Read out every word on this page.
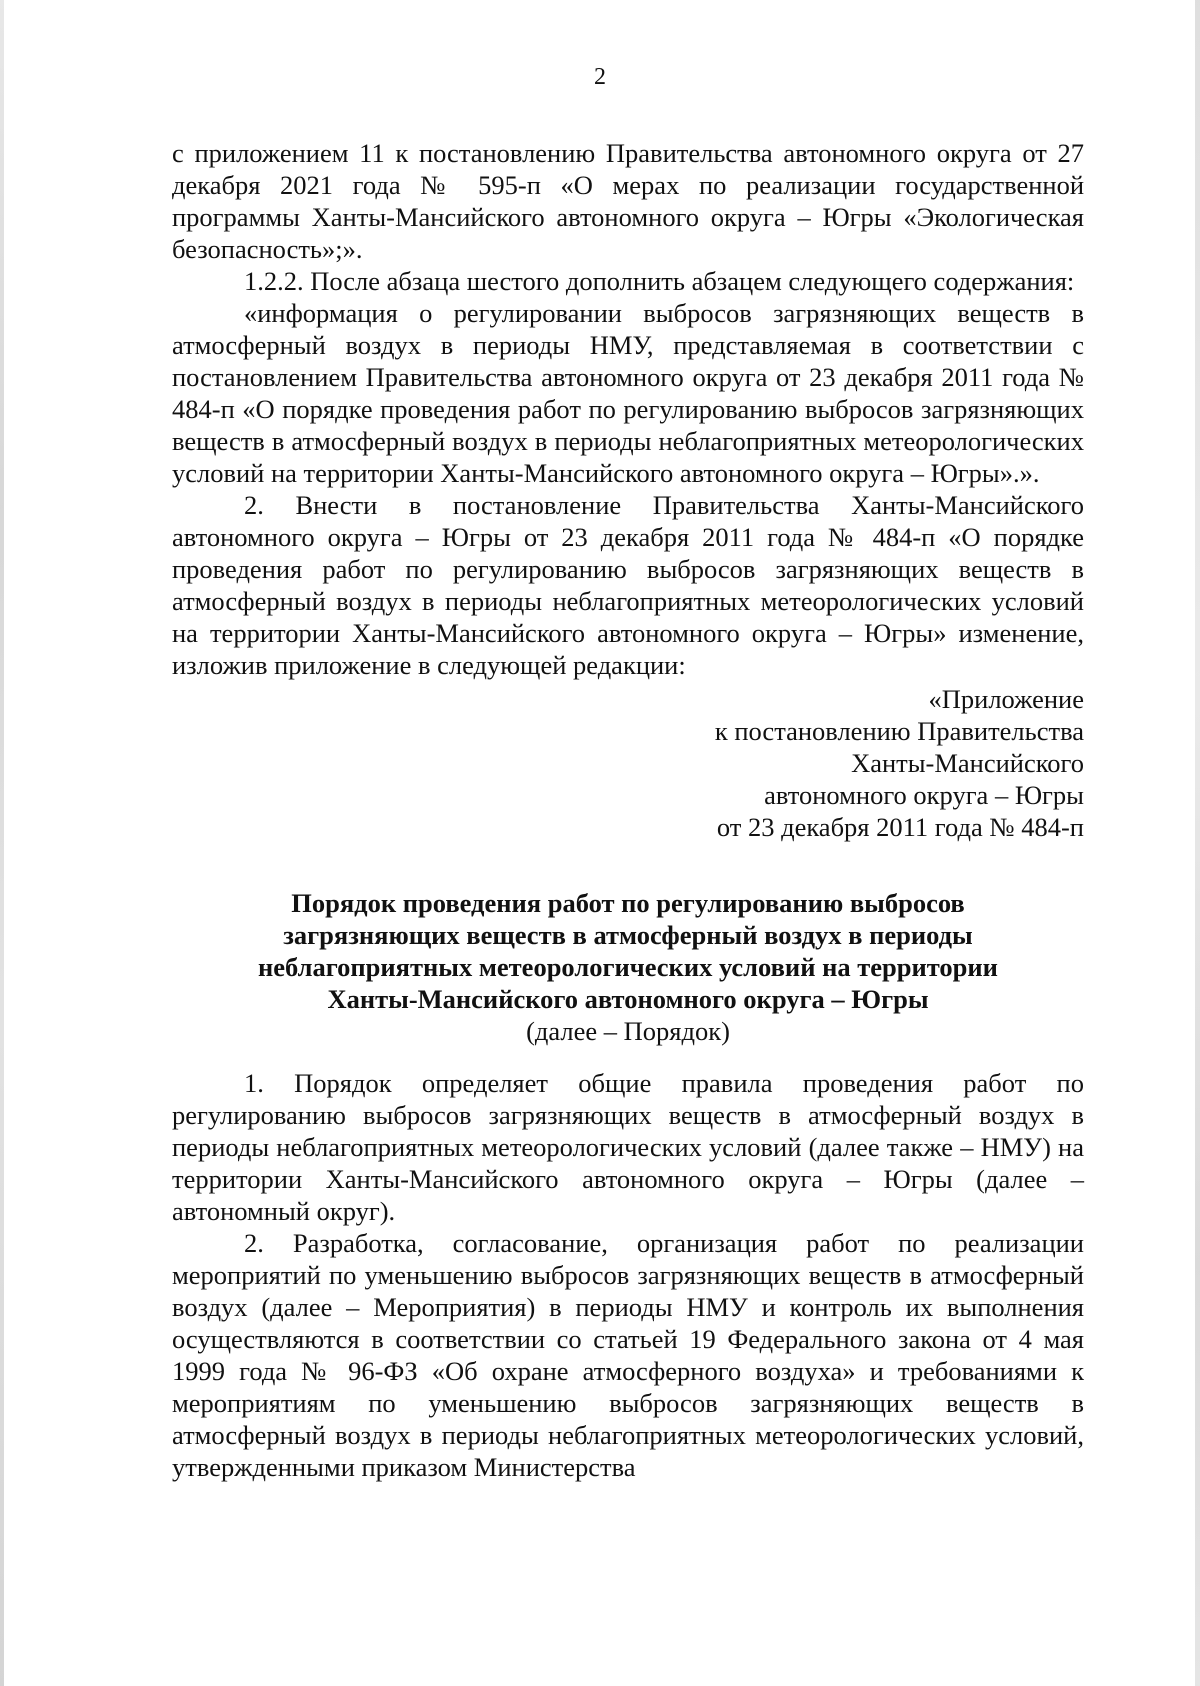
2

с приложением 11 к постановлению Правительства автономного округа от 27 декабря 2021 года № 595-п «О мерах по реализации государственной программы Ханты-Мансийского автономного округа – Югры «Экологическая безопасность»;».

1.2.2. После абзаца шестого дополнить абзацем следующего содержания:

«информация о регулировании выбросов загрязняющих веществ в атмосферный воздух в периоды НМУ, представляемая в соответствии с постановлением Правительства автономного округа от 23 декабря 2011 года № 484-п «О порядке проведения работ по регулированию выбросов загрязняющих веществ в атмосферный воздух в периоды неблагоприятных метеорологических условий на территории Ханты-Мансийского автономного округа – Югры».».

2. Внести в постановление Правительства Ханты-Мансийского автономного округа – Югры от 23 декабря 2011 года № 484-п «О порядке проведения работ по регулированию выбросов загрязняющих веществ в атмосферный воздух в периоды неблагоприятных метеорологических условий на территории Ханты-Мансийского автономного округа – Югры» изменение, изложив приложение в следующей редакции:

«Приложение
к постановлению Правительства
Ханты-Мансийского
автономного округа – Югры
от 23 декабря 2011 года № 484-п
Порядок проведения работ по регулированию выбросов
загрязняющих веществ в атмосферный воздух в периоды
неблагоприятных метеорологических условий на территории
Ханты-Мансийского автономного округа – Югры
(далее – Порядок)

1. Порядок определяет общие правила проведения работ по регулированию выбросов загрязняющих веществ в атмосферный воздух в периоды неблагоприятных метеорологических условий (далее также – НМУ) на территории Ханты-Мансийского автономного округа – Югры (далее – автономный округ).

2. Разработка, согласование, организация работ по реализации мероприятий по уменьшению выбросов загрязняющих веществ в атмосферный воздух (далее – Мероприятия) в периоды НМУ и контроль их выполнения осуществляются в соответствии со статьей 19 Федерального закона от 4 мая 1999 года № 96-ФЗ «Об охране атмосферного воздуха» и требованиями к мероприятиям по уменьшению выбросов загрязняющих веществ в атмосферный воздух в периоды неблагоприятных метеорологических условий, утвержденными приказом Министерства
